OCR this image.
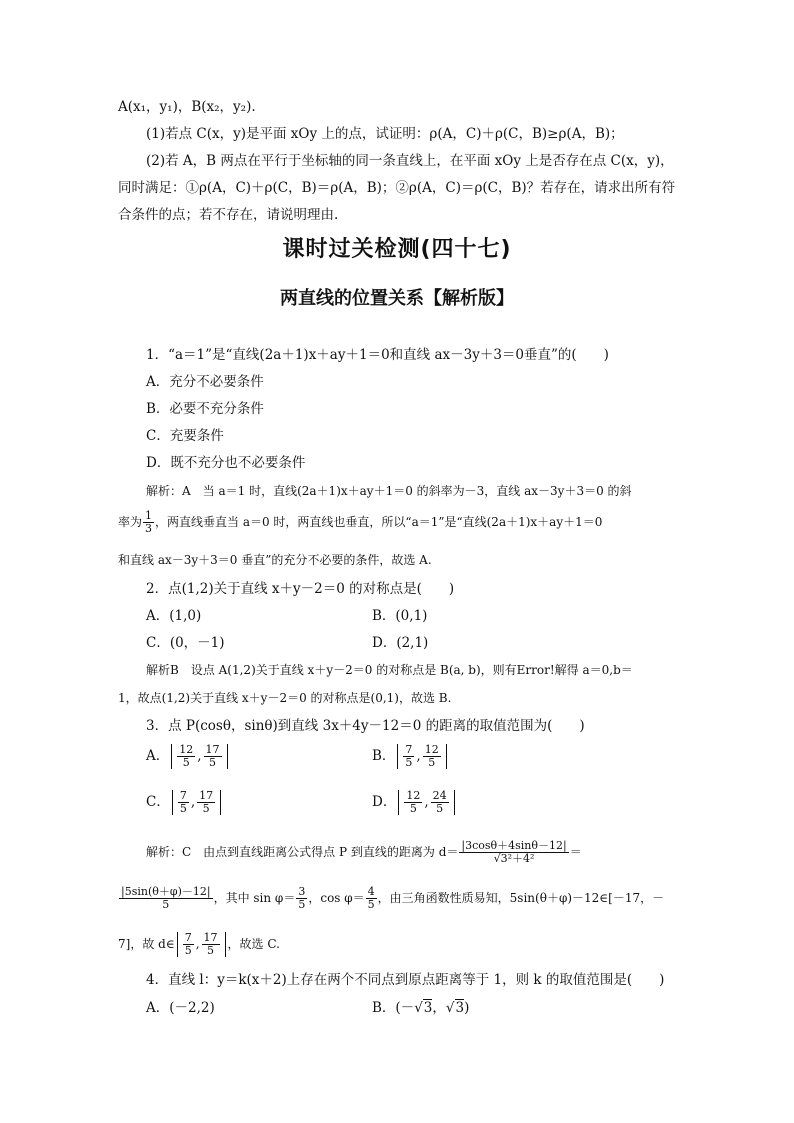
A(x₁，y₁)，B(x₂，y₂).
(1)若点 C(x，y)是平面 xOy 上的点，试证明：ρ(A，C)＋ρ(C，B)≥ρ(A，B)；
(2)若 A，B 两点在平行于坐标轴的同一条直线上，在平面 xOy 上是否存在点 C(x，y)，
同时满足：①ρ(A，C)＋ρ(C，B)＝ρ(A，B)；②ρ(A，C)＝ρ(C，B)？若存在，请求出所有符
合条件的点；若不存在，请说明理由.
课时过关检测(四十七)
两直线的位置关系【解析版】
1．“a＝1”是“直线(2a＋1)x＋ay＋1＝0和直线 ax－3y＋3＝0垂直”的(　　)
A．充分不必要条件
B．必要不充分条件
C．充要条件
D．既不充分也不必要条件
解析：A　当 a＝1 时，直线(2a＋1)x＋ay＋1＝0 的斜率为－3，直线 ax－3y＋3＝0 的斜
率为 $\frac{1}{3}$ ，两直线垂直当 a＝0 时，两直线也垂直，所以“a＝1”是“直线(2a＋1)x＋ay＋1＝0
和直线 ax－3y＋3＝0 垂直”的充分不必要的条件，故选 A.
2．点(1,2)关于直线 x＋y－2＝0 的对称点是(　　)
A．(1,0)	B．(0,1)
C．(0，－1)	D．(2,1)
解析B　设点 A(1,2)关于直线 x＋y－2＝0 的对称点是 B(a, b)，则有Error!解得 a＝0,b＝
1，故点(1,2)关于直线 x＋y－2＝0 的对称点是(0,1)，故选 B.
3．点 P(cosθ，sinθ)到直线 3x＋4y－12＝0 的距离的取值范围为(　　)
A． $\frac{12}{5}$ , $\frac{17}{5}$	B． $\frac{7}{5}$ , $\frac{12}{5}$
C． $\frac{7}{5}$ , $\frac{17}{5}$	D． $\frac{12}{5}$ , $\frac{24}{5}$
解析：C　由点到直线距离公式得点 P 到直线的距离为 $d= \frac{|3\cos\theta+4\sin\theta-12|}{\text{√3²＋4²}}$ ＝
$\frac{|5\sin(\theta+\varphi)-12|}{5}$ ，其中 $\sin \varphi= \frac{3}{5}$ ，$\cos \varphi= \frac{4}{5}$ ，由三角函数性质易知，5sin(θ＋φ)－12∈[－17，－
7]，故 d∈ $\frac{7}{5}$ , $\frac{17}{5}$ ，故选 C.
4．直线 l：y＝k(x＋2)上存在两个不同点到原点距离等于 1，则 k 的取值范围是(　　)
A．(－2,2)	B．(－√3，√3)
